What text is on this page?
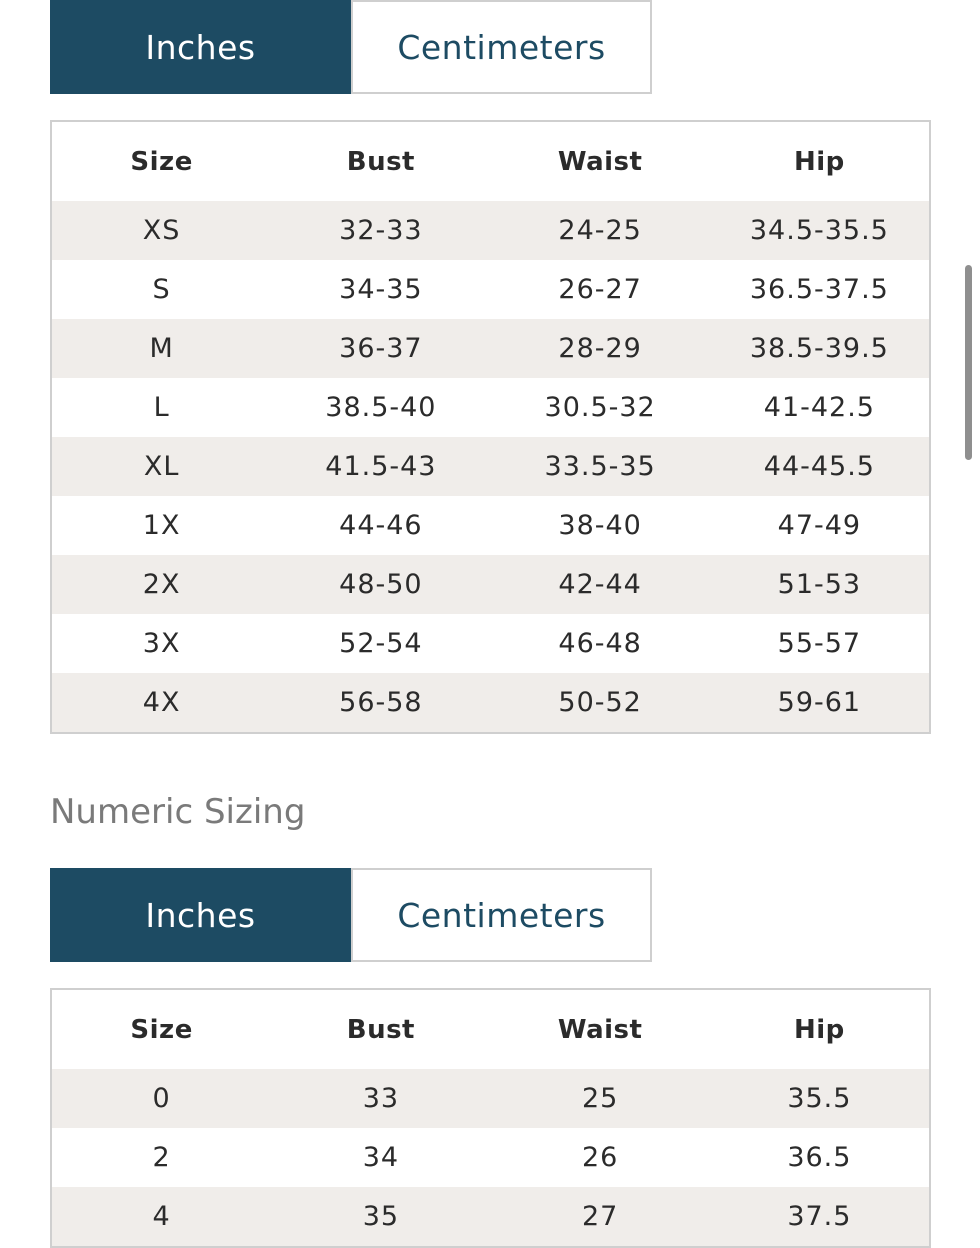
Inches	Centimeters
Size	Bust	Waist	Hip
XS	32-33	24-25	34.5-35.5
S	34-35	26-27	36.5-37.5
M	36-37	28-29	38.5-39.5
L	38.5-40	30.5-32	41-42.5
XL	41.5-43	33.5-35	44-45.5
1X	44-46	38-40	47-49
2X	48-50	42-44	51-53
3X	52-54	46-48	55-57
4X	56-58	50-52	59-61
Numeric Sizing
Inches	Centimeters
Size	Bust	Waist	Hip
0	33	25	35.5
2	34	26	36.5
4	35	27	37.5
